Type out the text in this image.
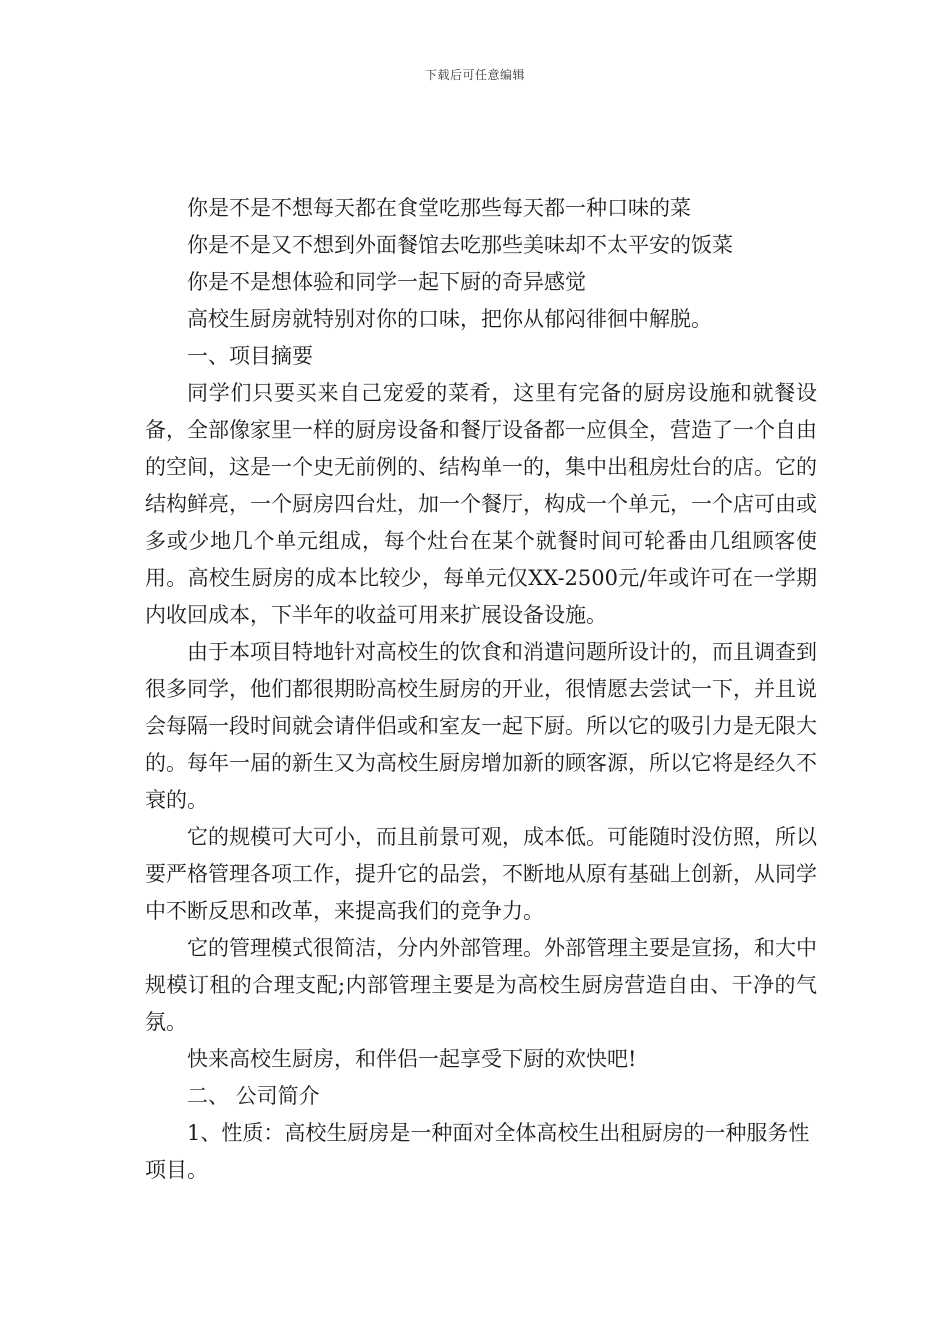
下载后可任意编辑

你是不是不想每天都在食堂吃那些每天都一种口味的菜

你是不是又不想到外面餐馆去吃那些美味却不太平安的饭菜

你是不是想体验和同学一起下厨的奇异感觉

高校生厨房就特别对你的口味，把你从郁闷徘徊中解脱。

一、项目摘要

同学们只要买来自己宠爱的菜肴，这里有完备的厨房设施和就餐设备，全部像家里一样的厨房设备和餐厅设备都一应俱全，营造了一个自由的空间，这是一个史无前例的、结构单一的，集中出租房灶台的店。它的结构鲜亮，一个厨房四台灶，加一个餐厅，构成一个单元，一个店可由或多或少地几个单元组成，每个灶台在某个就餐时间可轮番由几组顾客使用。高校生厨房的成本比较少，每单元仅XX-2500元/年或许可在一学期内收回成本，下半年的收益可用来扩展设备设施。

由于本项目特地针对高校生的饮食和消遣问题所设计的，而且调查到很多同学，他们都很期盼高校生厨房的开业，很情愿去尝试一下，并且说会每隔一段时间就会请伴侣或和室友一起下厨。所以它的吸引力是无限大的。每年一届的新生又为高校生厨房增加新的顾客源，所以它将是经久不衰的。

它的规模可大可小，而且前景可观，成本低。可能随时没仿照，所以要严格管理各项工作，提升它的品尝，不断地从原有基础上创新，从同学中不断反思和改革，来提高我们的竞争力。

它的管理模式很简洁，分内外部管理。外部管理主要是宣扬，和大中规模订租的合理支配;内部管理主要是为高校生厨房营造自由、干净的气氛。

快来高校生厨房，和伴侣一起享受下厨的欢快吧!

二、 公司简介

1、性质：高校生厨房是一种面对全体高校生出租厨房的一种服务性项目。
